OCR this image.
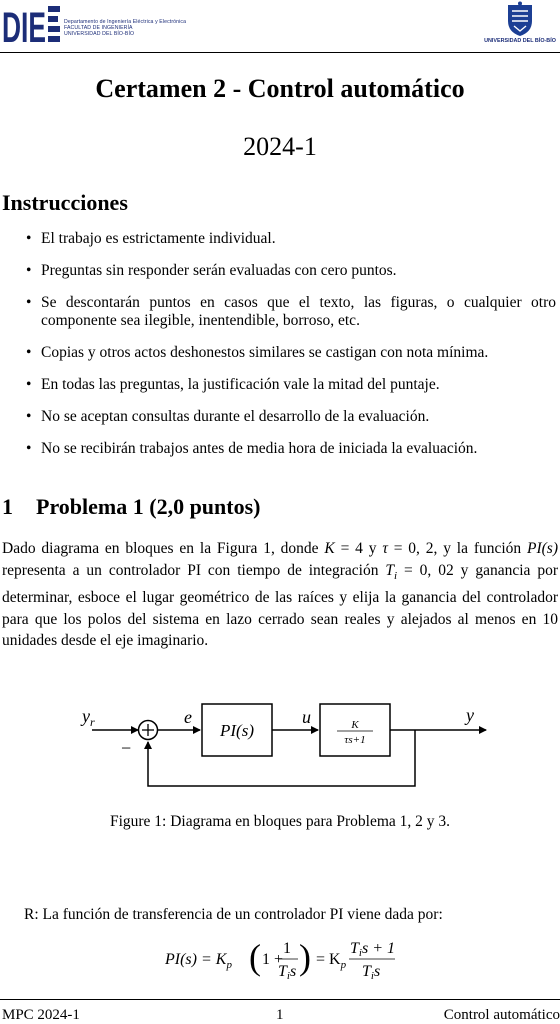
DIE	Departamento de Ingeniería Eléctrica y Electrónica
FACULTAD DE INGENIERÍA
UNIVERSIDAD DEL BÍO-BÍO
UNIVERSIDAD DEL BÍO-BÍO
Certamen 2 - Control automático
2024-1
Instrucciones
• El trabajo es estrictamente individual.
• Preguntas sin responder serán evaluadas con cero puntos.
• Se descontarán puntos en casos que el texto, las figuras, o cualquier otro componente sea ilegible, inentendible, borroso, etc.
• Copias y otros actos deshonestos similares se castigan con nota mínima.
• En todas las preguntas, la justificación vale la mitad del puntaje.
• No se aceptan consultas durante el desarrollo de la evaluación.
• No se recibirán trabajos antes de media hora de iniciada la evaluación.
1 Problema 1 (2,0 puntos)
Dado diagrama en bloques en la Figura 1, donde K = 4 y τ = 0, 2, y la función PI(s) representa a un controlador PI con tiempo de integración $T_i = 0$, 02 y ganancia por determinar, esboce el lugar geométrico de las raíces y elija la ganancia del controlador para que los polos del sistema en lazo cerrado sean reales y alejados al menos en 10 unidades desde el eje imaginario.
$y_r$	e	u	y
−
PI(s)	K
τs+1
Figure 1: Diagrama en bloques para Problema 1, 2 y 3.
R: La función de transferencia de un controlador PI viene dada por:
$PI(s) = K_p$ ( 1 +
1
Tis ) = $K_p$
Tis + 1
Tis
MPC 2024-1	1	Control automático
